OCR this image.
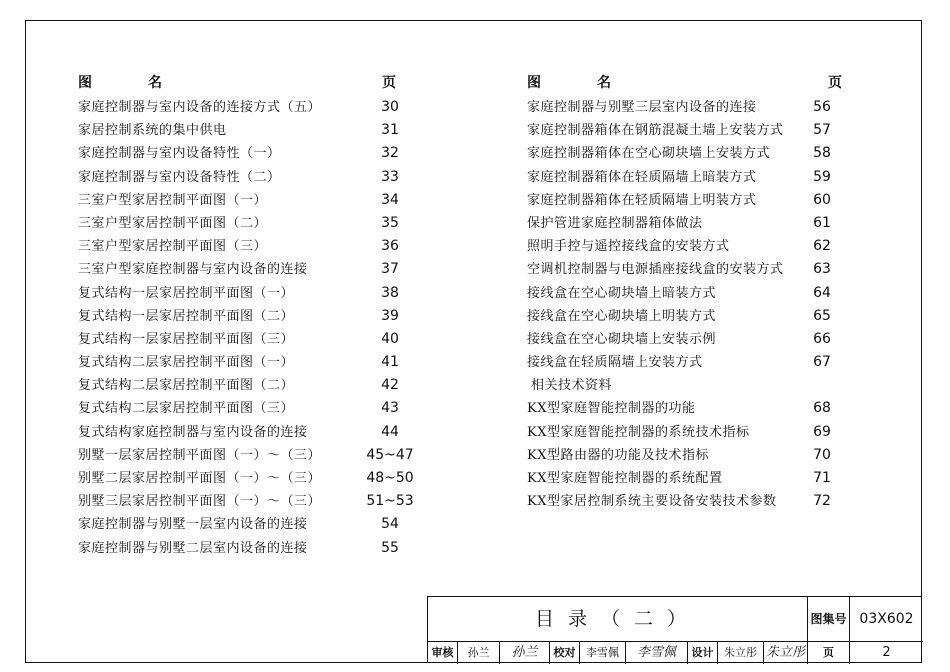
图	名	页
家庭控制器与室内设备的连接方式（五）	30
家居控制系统的集中供电	31
家庭控制器与室内设备特性（一）	32
家庭控制器与室内设备特性（二）	33
三室户型家居控制平面图（一）	34
三室户型家居控制平面图（二）	35
三室户型家居控制平面图（三）	36
三室户型家庭控制器与室内设备的连接	37
复式结构一层家居控制平面图（一）	38
复式结构一层家居控制平面图（二）	39
复式结构一层家居控制平面图（三）	40
复式结构二层家居控制平面图（一）	41
复式结构二层家居控制平面图（二）	42
复式结构二层家居控制平面图（三）	43
复式结构家庭控制器与室内设备的连接	44
别墅一层家居控制平面图（一）～（三）	45~47
别墅二层家居控制平面图（一）～（三）	48~50
别墅三层家居控制平面图（一）～（三）	51~53
家庭控制器与别墅一层室内设备的连接	54
家庭控制器与别墅二层室内设备的连接	55
图	名	页
家庭控制器与别墅三层室内设备的连接	56
家庭控制器箱体在钢筋混凝土墙上安装方式	57
家庭控制器箱体在空心砌块墙上安装方式	58
家庭控制器箱体在轻质隔墙上暗装方式	59
家庭控制器箱体在轻质隔墙上明装方式	60
保护管进家庭控制器箱体做法	61
照明手控与遥控接线盒的安装方式	62
空调机控制器与电源插座接线盒的安装方式	63
接线盒在空心砌块墙上暗装方式	64
接线盒在空心砌块墙上明装方式	65
接线盒在空心砌块墙上安装示例	66
接线盒在轻质隔墙上安装方式	67
相关技术资料
KX型家庭智能控制器的功能	68
KX型家庭智能控制器的系统技术指标	69
KX型路由器的功能及技术指标	70
KX型家庭智能控制器的系统配置	71
KX型家居控制系统主要设备安装技术参数	72
目录（二）	图集号 03X602
审核	孙兰	孙兰	校对 李雪佩	李雪佩	设计 朱立彤 朱立彤	页	2
